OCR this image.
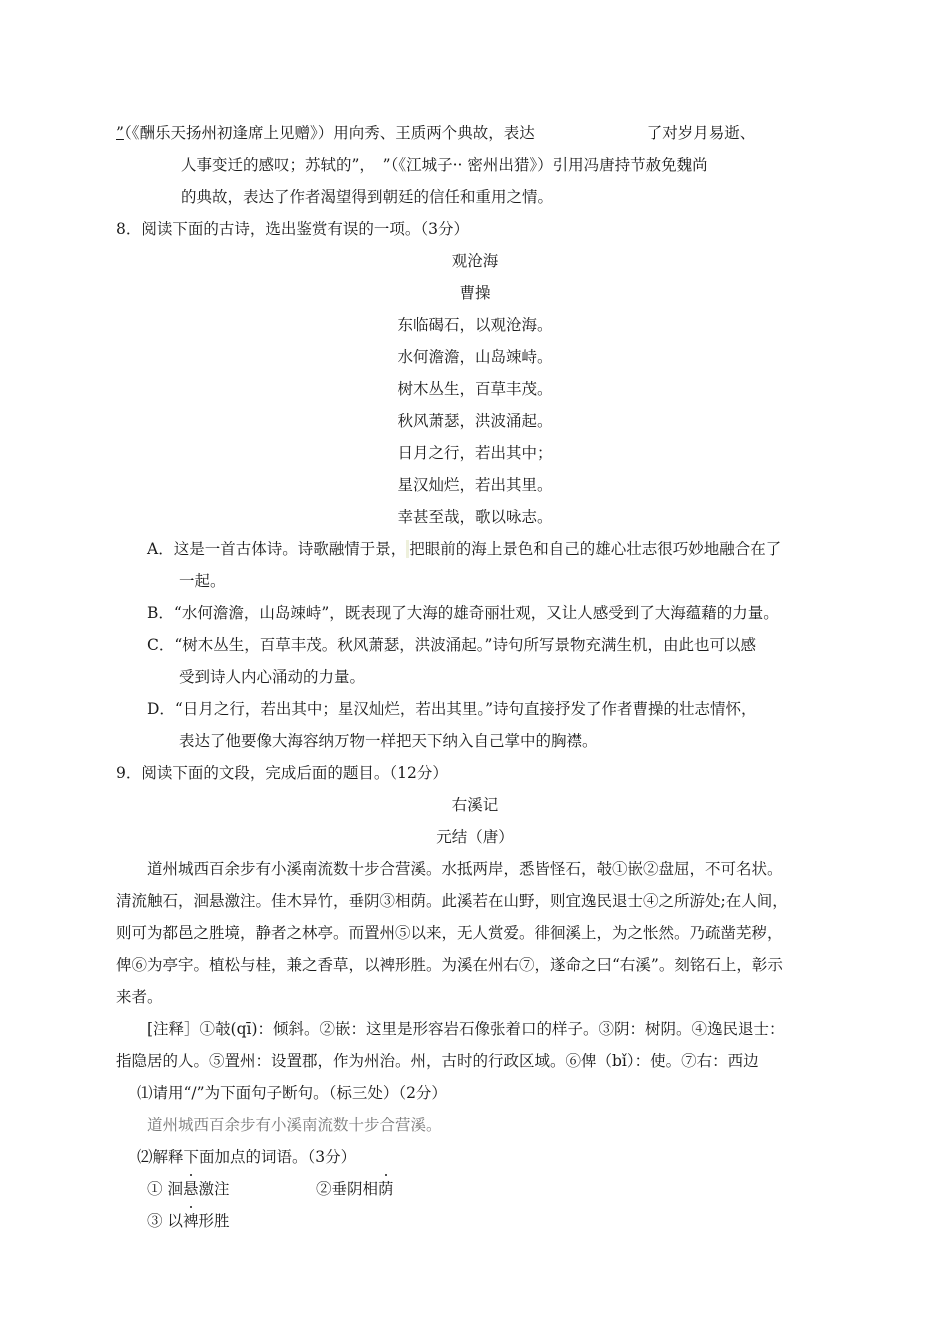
”（《酬乐天扬州初逢席上见赠》）用向秀、王质两个典故，表达	了对岁月易逝、
人事变迁的感叹；苏轼的”，　”（《江城子·· 密州出猎》）引用冯唐持节赦免魏尚
的典故，表达了作者渴望得到朝廷的信任和重用之情。
8．阅读下面的古诗，选出鉴赏有误的一项。（3分）
观沧海
曹操
东临碣石，以观沧海。
水何澹澹，山岛竦峙。
树木丛生，百草丰茂。
秋风萧瑟，洪波涌起。
日月之行，若出其中；
星汉灿烂，若出其里。
幸甚至哉，歌以咏志。
A．这是一首古体诗。诗歌融情于景，   把眼前的海上景色和自己的雄心壮志很巧妙地融合在了
一起。
B．“水何澹澹，山岛竦峙”，既表现了大海的雄奇丽壮观，又让人感受到了大海蕴藉的力量。
C．“树木丛生，百草丰茂。秋风萧瑟，洪波涌起。”诗句所写景物充满生机，由此也可以感
受到诗人内心涌动的力量。
D．“日月之行，若出其中；星汉灿烂，若出其里。”诗句直接抒发了作者曹操的壮志情怀，
表达了他要像大海容纳万物一样把天下纳入自己掌中的胸襟。
9．阅读下面的文段，完成后面的题目。（12分）
右溪记
元结（唐）
道州城西百余步有小溪南流数十步合营溪。水抵两岸，悉皆怪石，攲①嵌②盘屈，不可名状。
清流触石，洄悬激注。佳木异竹，垂阴③相荫。此溪若在山野，则宜逸民退士④之所游处;在人间，
则可为都邑之胜境，静者之林亭。而置州⑤以来，无人赏爱。徘徊溪上，为之怅然。乃疏凿芜秽，
俾⑥为亭宇。植松与桂，兼之香草，以裨形胜。为溪在州右⑦，遂命之曰“右溪”。刻铭石上，彰示
来者。
[注释］①攲(qī)：倾斜。②嵌：这里是形容岩石像张着口的样子。③阴：树阴。④逸民退士：
指隐居的人。⑤置州：设置郡，作为州治。州，古时的行政区域。⑥俾（bǐ）：使。⑦右：西边
⑴请用“/”为下面句子断句。（标三处）（2分）
道州城西百余步有小溪南流数十步合营溪。
⑵解释下面加点的词语。（3分）
① 洄悬激注	②垂阴相荫
③ 以裨形胜
